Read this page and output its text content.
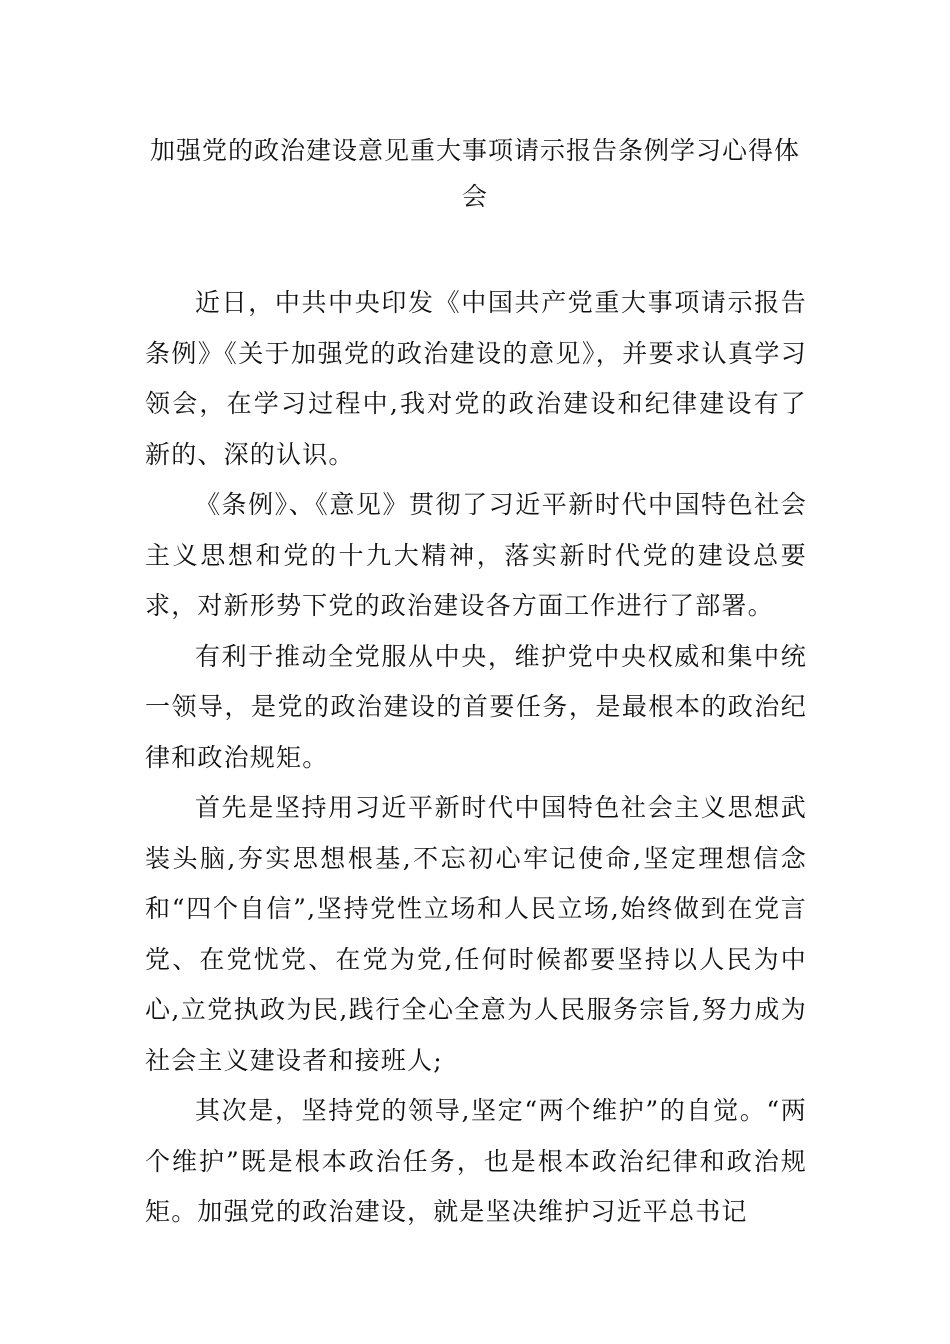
加强党的政治建设意见重大事项请示报告条例学习心得体会

近日，中共中央印发《中国共产党重大事项请示报告条例》《关于加强党的政治建设的意见》，并要求认真学习领会，在学习过程中,我对党的政治建设和纪律建设有了新的、深的认识。

《条例》、《意见》贯彻了习近平新时代中国特色社会主义思想和党的十九大精神，落实新时代党的建设总要求，对新形势下党的政治建设各方面工作进行了部署。

有利于推动全党服从中央，维护党中央权威和集中统一领导，是党的政治建设的首要任务，是最根本的政治纪律和政治规矩。

首先是坚持用习近平新时代中国特色社会主义思想武装头脑,夯实思想根基,不忘初心牢记使命,坚定理想信念和“四个自信”,坚持党性立场和人民立场,始终做到在党言党、在党忧党、在党为党,任何时候都要坚持以人民为中心,立党执政为民,践行全心全意为人民服务宗旨,努力成为社会主义建设者和接班人;

其次是，坚持党的领导,坚定“两个维护”的自觉。“两个维护”既是根本政治任务，也是根本政治纪律和政治规矩。加强党的政治建设，就是坚决维护习近平总书记
